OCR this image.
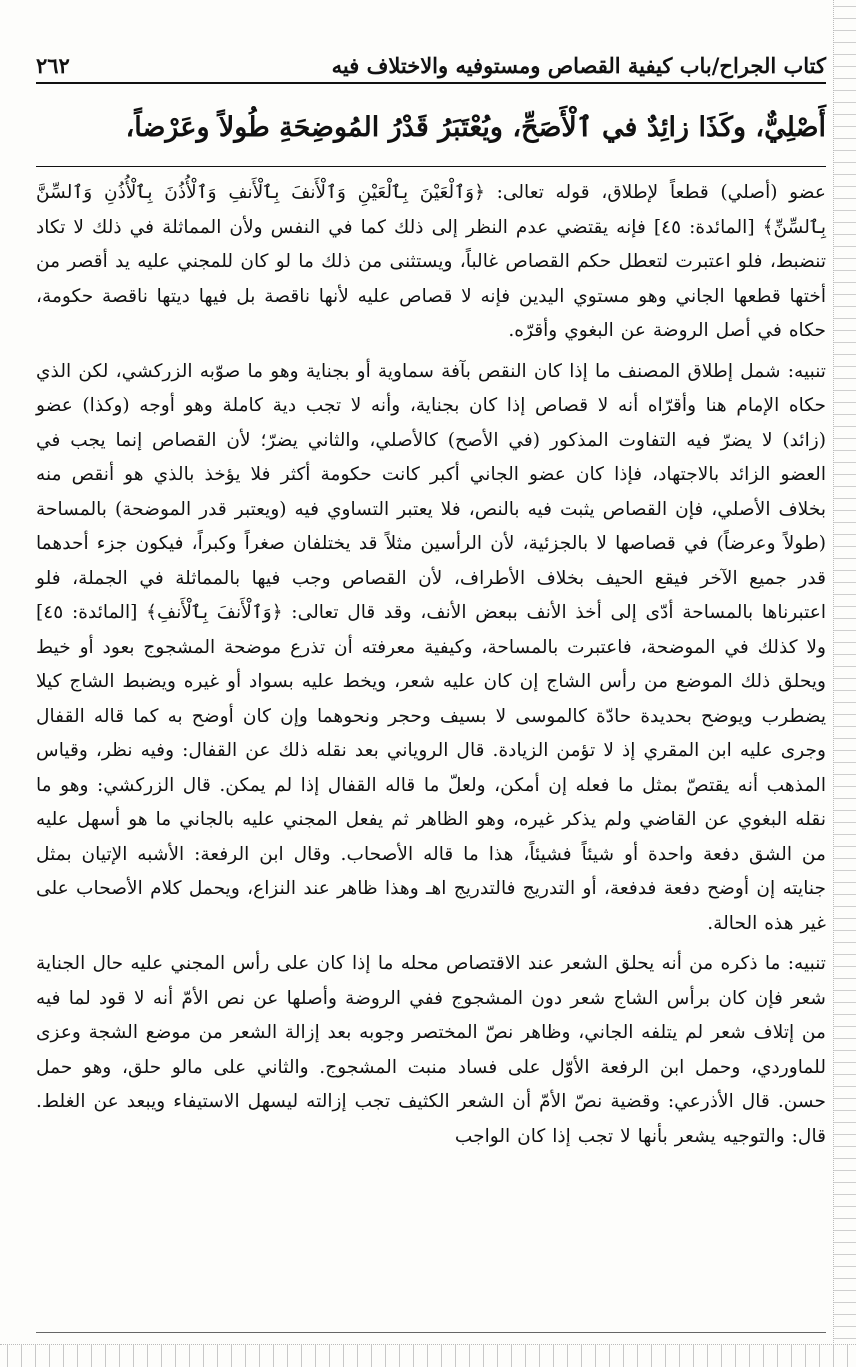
كتاب الجراح/باب كيفية القصاص ومستوفيه والاختلاف فيه
٢٦٢
أَصْلِيٌّ، وكَذَا زائِدٌ في ٱلْأَصَحِّ، ويُعْتَبَرُ قَدْرُ المُوضِحَةِ طُولاً وعَرْضاً،

عضو (أصلي) قطعاً لإطلاق، قوله تعالى: ﴿وَٱلْعَيْنَ بِٱلْعَيْنِ وَٱلْأَنفَ بِٱلْأَنفِ وَٱلْأُذُنَ بِٱلْأُذُنِ وَٱلسِّنَّ بِٱلسِّنِّ﴾ [المائدة: ٤٥] فإنه يقتضي عدم النظر إلى ذلك كما في النفس ولأن المماثلة في ذلك لا تكاد تنضبط، فلو اعتبرت لتعطل حكم القصاص غالباً، ويستثنى من ذلك ما لو كان للمجني عليه يد أقصر من أختها قطعها الجاني وهو مستوي اليدين فإنه لا قصاص عليه لأنها ناقصة بل فيها ديتها ناقصة حكومة، حكاه في أصل الروضة عن البغوي وأقرّه.

تنبيه: شمل إطلاق المصنف ما إذا كان النقص بآفة سماوية أو بجناية وهو ما صوّبه الزركشي، لكن الذي حكاه الإمام هنا وأقرّاه أنه لا قصاص إذا كان بجناية، وأنه لا تجب دية كاملة وهو أوجه (وكذا) عضو (زائد) لا يضرّ فيه التفاوت المذكور (في الأصح) كالأصلي، والثاني يضرّ؛ لأن القصاص إنما يجب في العضو الزائد بالاجتهاد، فإذا كان عضو الجاني أكبر كانت حكومة أكثر فلا يؤخذ بالذي هو أنقص منه بخلاف الأصلي، فإن القصاص يثبت فيه بالنص، فلا يعتبر التساوي فيه (ويعتبر قدر الموضحة) بالمساحة (طولاً وعرضاً) في قصاصها لا بالجزئية، لأن الرأسين مثلاً قد يختلفان صغراً وكبراً، فيكون جزء أحدهما قدر جميع الآخر فيقع الحيف بخلاف الأطراف، لأن القصاص وجب فيها بالمماثلة في الجملة، فلو اعتبرناها بالمساحة أدّى إلى أخذ الأنف ببعض الأنف، وقد قال تعالى: ﴿وَٱلْأَنفَ بِٱلْأَنفِ﴾ [المائدة: ٤٥] ولا كذلك في الموضحة، فاعتبرت بالمساحة، وكيفية معرفته أن تذرع موضحة المشجوج بعود أو خيط ويحلق ذلك الموضع من رأس الشاج إن كان عليه شعر، ويخط عليه بسواد أو غيره ويضبط الشاج كيلا يضطرب ويوضح بحديدة حادّة كالموسى لا بسيف وحجر ونحوهما وإن كان أوضح به كما قاله القفال وجرى عليه ابن المقري إذ لا تؤمن الزيادة. قال الروياني بعد نقله ذلك عن القفال: وفيه نظر، وقياس المذهب أنه يقتصّ بمثل ما فعله إن أمكن، ولعلّ ما قاله القفال إذا لم يمكن. قال الزركشي: وهو ما نقله البغوي عن القاضي ولم يذكر غيره، وهو الظاهر ثم يفعل المجني عليه بالجاني ما هو أسهل عليه من الشق دفعة واحدة أو شيئاً فشيئاً، هذا ما قاله الأصحاب. وقال ابن الرفعة: الأشبه الإتيان بمثل جنايته إن أوضح دفعة فدفعة، أو التدريج فالتدريج اهـ وهذا ظاهر عند النزاع، ويحمل كلام الأصحاب على غير هذه الحالة.

تنبيه: ما ذكره من أنه يحلق الشعر عند الاقتصاص محله ما إذا كان على رأس المجني عليه حال الجناية شعر فإن كان برأس الشاج شعر دون المشجوج ففي الروضة وأصلها عن نص الأمّ أنه لا قود لما فيه من إتلاف شعر لم يتلفه الجاني، وظاهر نصّ المختصر وجوبه بعد إزالة الشعر من موضع الشجة وعزى للماوردي، وحمل ابن الرفعة الأوّل على فساد منبت المشجوج. والثاني على مالو حلق، وهو حمل حسن. قال الأذرعي: وقضية نصّ الأمّ أن الشعر الكثيف تجب إزالته ليسهل الاستيفاء ويبعد عن الغلط. قال: والتوجيه يشعر بأنها لا تجب إذا كان الواجب
